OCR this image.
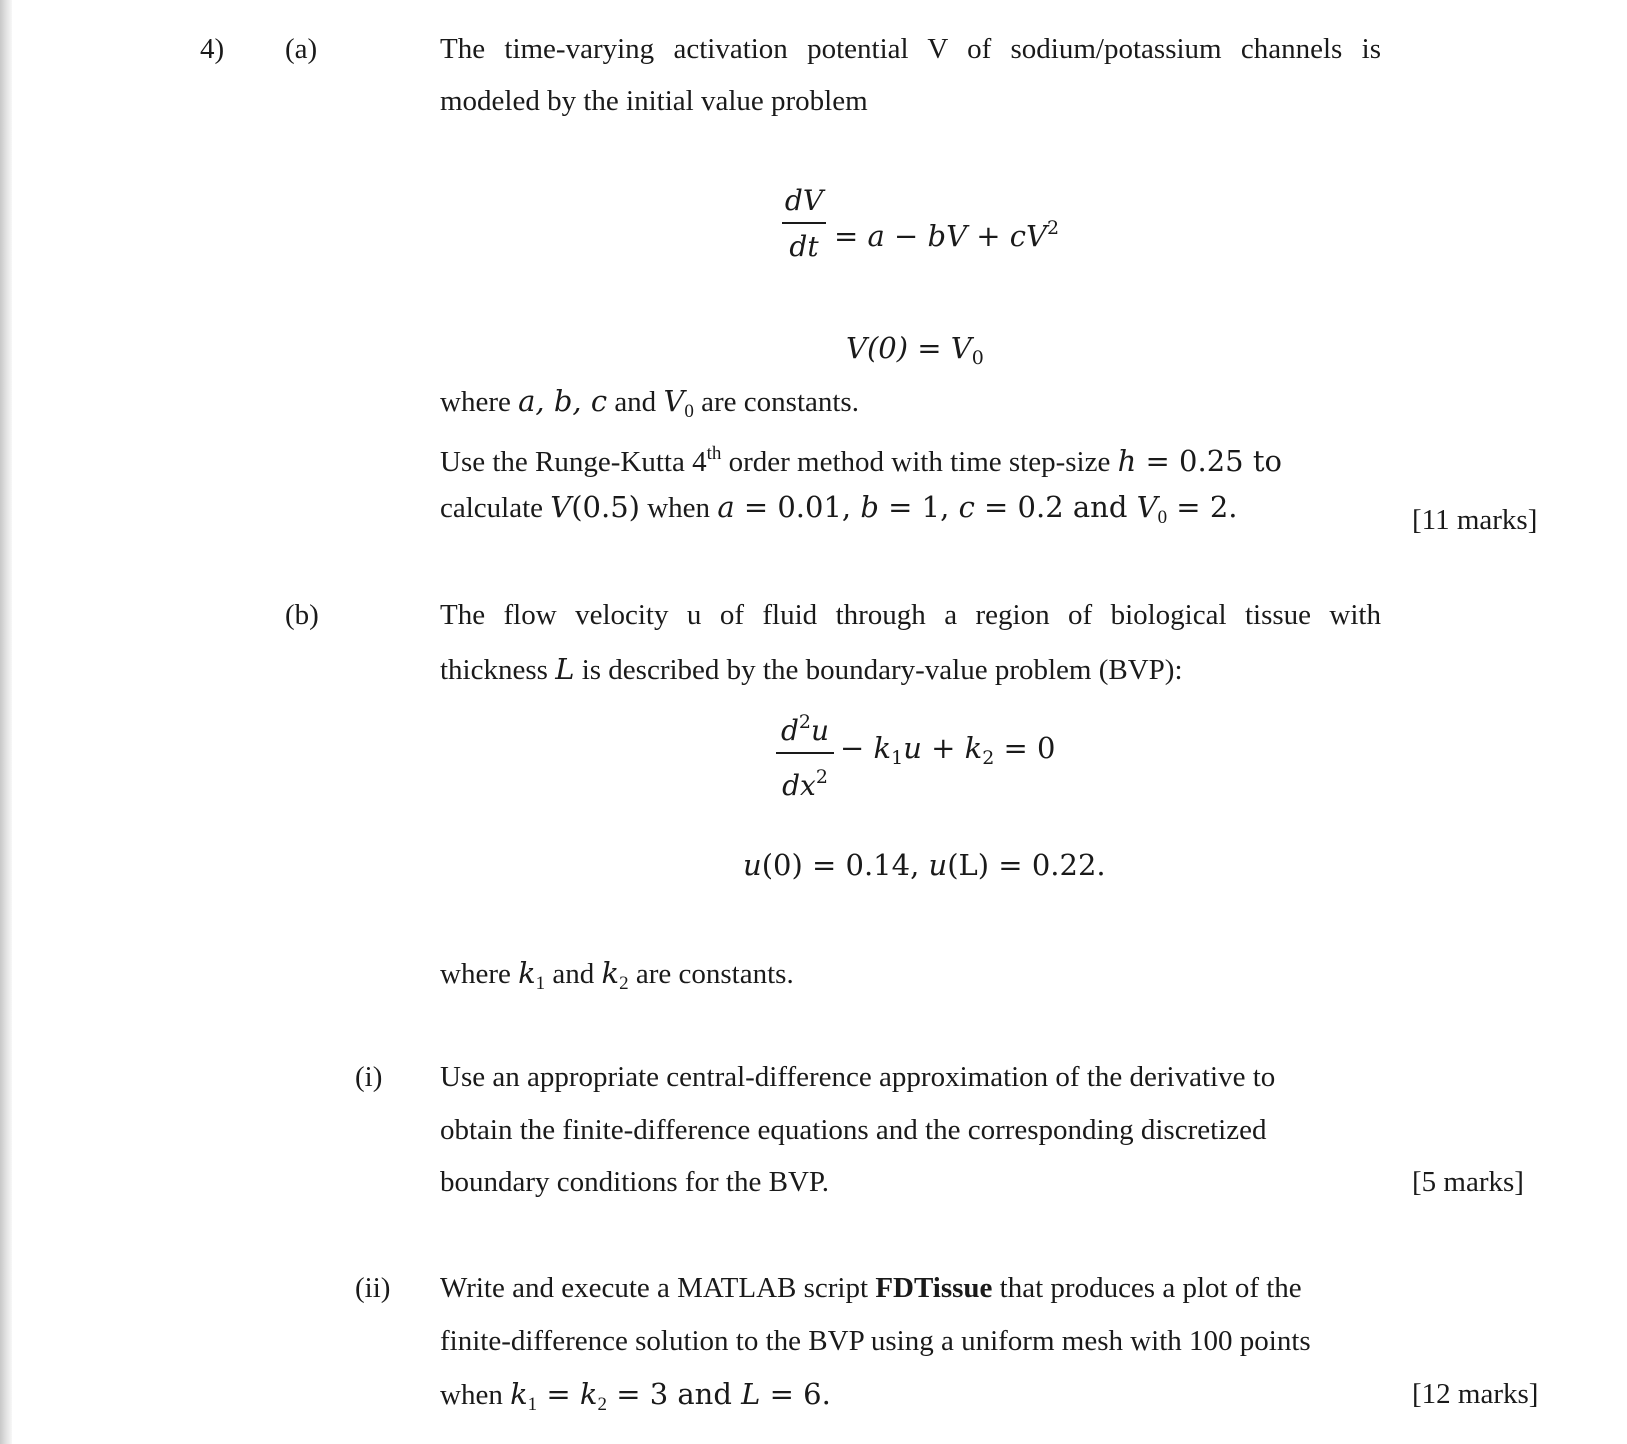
4) (a)	The time-varying activation potential V of sodium/potassium channels is
modeled by the initial value problem
dV
dt = a − bV + $cV^2$
$V(0) = V_0$
where a, b, c and $V_0$ are constants.
Use the Runge-Kutta 4th order method with time step-size h = 0.25 to
calculate V(0.5) when a = 0.01, b = 1, c = 0.2 and $V_0 = 2$.	[11 marks]
(b)	The flow velocity u of fluid through a region of biological tissue with
thickness L is described by the boundary-value problem (BVP):
$d^2u$
$dx^2$
− $k_1u + k_2 = 0$
u(0) = 0.14, u(L) = 0.22.
where $k_1$ and $k_2$ are constants.
(i) Use an appropriate central-difference approximation of the derivative to
obtain the finite-difference equations and the corresponding discretized
boundary conditions for the BVP.	[5 marks]
(ii) Write and execute a MATLAB script FDTissue that produces a plot of the
finite-difference solution to the BVP using a uniform mesh with 100 points
when $k_1 = k_2 = 3$ and L = 6.	[12 marks]
